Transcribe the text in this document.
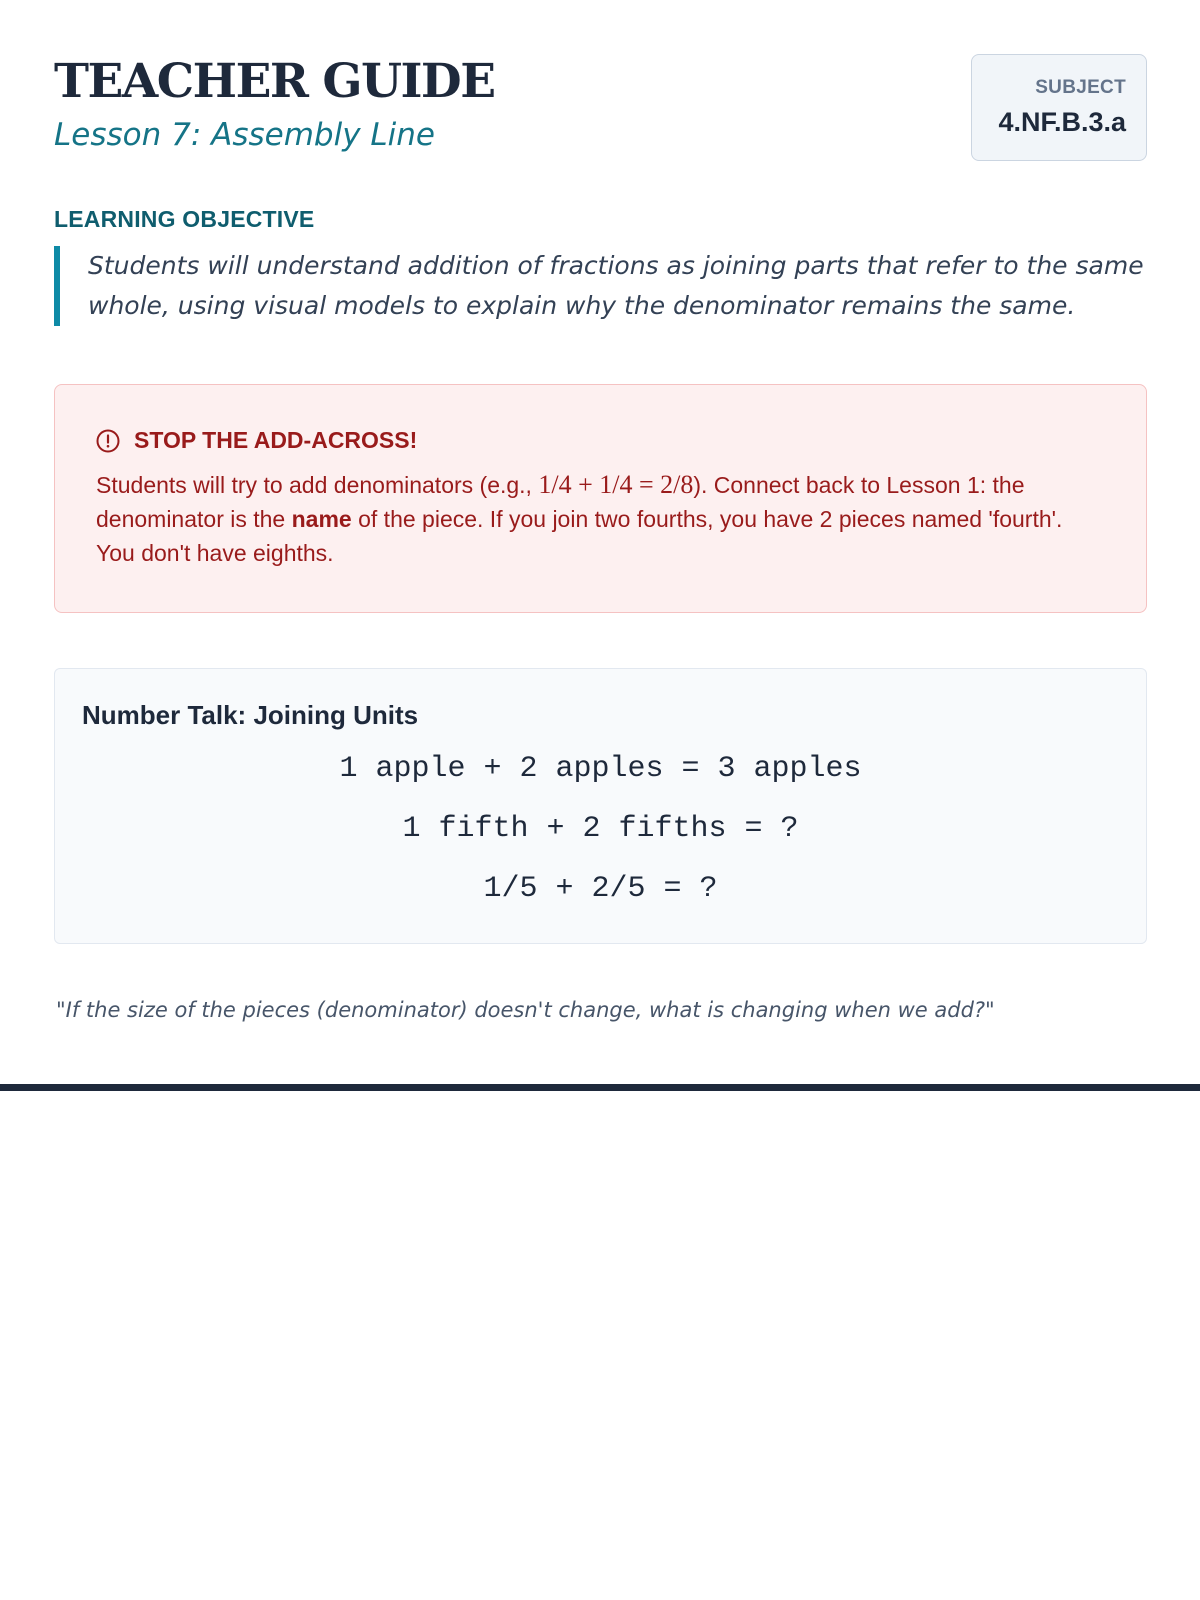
TEACHER GUIDE
Lesson 7: Assembly Line
SUBJECT
4.NF.B.3.a
LEARNING OBJECTIVE
Students will understand addition of fractions as joining parts that refer to the same whole, using visual models to explain why the denominator remains the same.
STOP THE ADD-ACROSS!
Students will try to add denominators (e.g., 1/4 + 1/4 = 2/8). Connect back to Lesson 1: the denominator is the name of the piece. If you join two fourths, you have 2 pieces named 'fourth'. You don't have eighths.
Number Talk: Joining Units
1 apple + 2 apples = 3 apples
1 fifth + 2 fifths = ?
1/5 + 2/5 = ?

"If the size of the pieces (denominator) doesn't change, what is changing when we add?"
